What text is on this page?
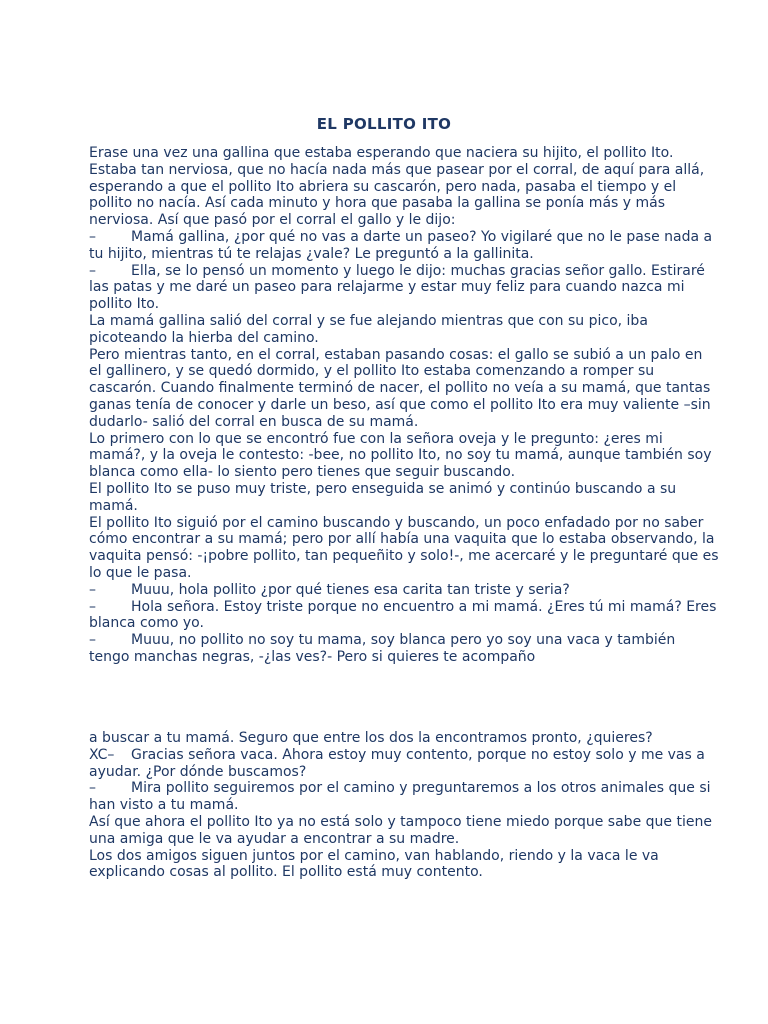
EL POLLITO ITO

Erase una vez una gallina que estaba esperando que naciera su hijito, el pollito Ito. Estaba tan nerviosa, que no hacía nada más que pasear por el corral, de aquí para allá, esperando a que el pollito Ito abriera su cascarón, pero nada, pasaba el tiempo y el pollito no nacía. Así cada minuto y hora que pasaba la gallina se ponía más y más nerviosa. Así que pasó por el corral el gallo y le dijo:

–	Mamá gallina, ¿por qué no vas a darte un paseo? Yo vigilaré que no le pase nada a tu hijito, mientras tú te relajas ¿vale? Le preguntó a la gallinita.

–	Ella, se lo pensó un momento y luego le dijo: muchas gracias señor gallo. Estiraré las patas y me daré un paseo para relajarme y estar muy feliz para cuando nazca mi pollito Ito.

La mamá gallina salió del corral y se fue alejando mientras que con su pico, iba picoteando la hierba del camino.

Pero mientras tanto, en el corral, estaban pasando cosas: el gallo se subió a un palo en el gallinero, y se quedó dormido, y el pollito Ito estaba comenzando a romper su cascarón. Cuando finalmente terminó de nacer, el pollito no veía a su mamá, que tantas ganas tenía de conocer y darle un beso, así que como el pollito Ito era muy valiente –sin dudarlo- salió del corral en busca de su mamá.

Lo primero con lo que se encontró fue con la señora oveja y le pregunto: ¿eres mi mamá?, y la oveja le contesto: -bee, no pollito Ito, no soy tu mamá, aunque también soy blanca como ella- lo siento pero tienes que seguir buscando.

El pollito Ito se puso muy triste, pero enseguida se animó y continúo buscando a su mamá.

El pollito Ito siguió por el camino buscando y buscando, un poco enfadado por no saber cómo encontrar a su mamá; pero por allí había una vaquita que lo estaba observando, la vaquita pensó: -¡pobre pollito, tan pequeñito y solo!-, me acercaré y le preguntaré que es lo que le pasa.

–	Muuu, hola pollito ¿por qué tienes esa carita tan triste y seria?

–	Hola señora. Estoy triste porque no encuentro a mi mamá. ¿Eres tú mi mamá? Eres blanca como yo.

–	Muuu, no pollito no soy tu mama, soy blanca pero yo soy una vaca y también tengo manchas negras, -¿las ves?- Pero si quieres te acompaño

a buscar a tu mamá. Seguro que entre los dos la encontramos pronto, ¿quieres?

XC– Gracias señora vaca. Ahora estoy muy contento, porque no estoy solo y me vas a ayudar. ¿Por dónde buscamos?

–	Mira pollito seguiremos por el camino y preguntaremos a los otros animales que si han visto a tu mamá.

Así que ahora el pollito Ito ya no está solo y tampoco tiene miedo porque sabe que tiene una amiga que le va ayudar a encontrar a su madre.

Los dos amigos siguen juntos por el camino, van hablando, riendo y la vaca le va explicando cosas al pollito. El pollito está muy contento.
